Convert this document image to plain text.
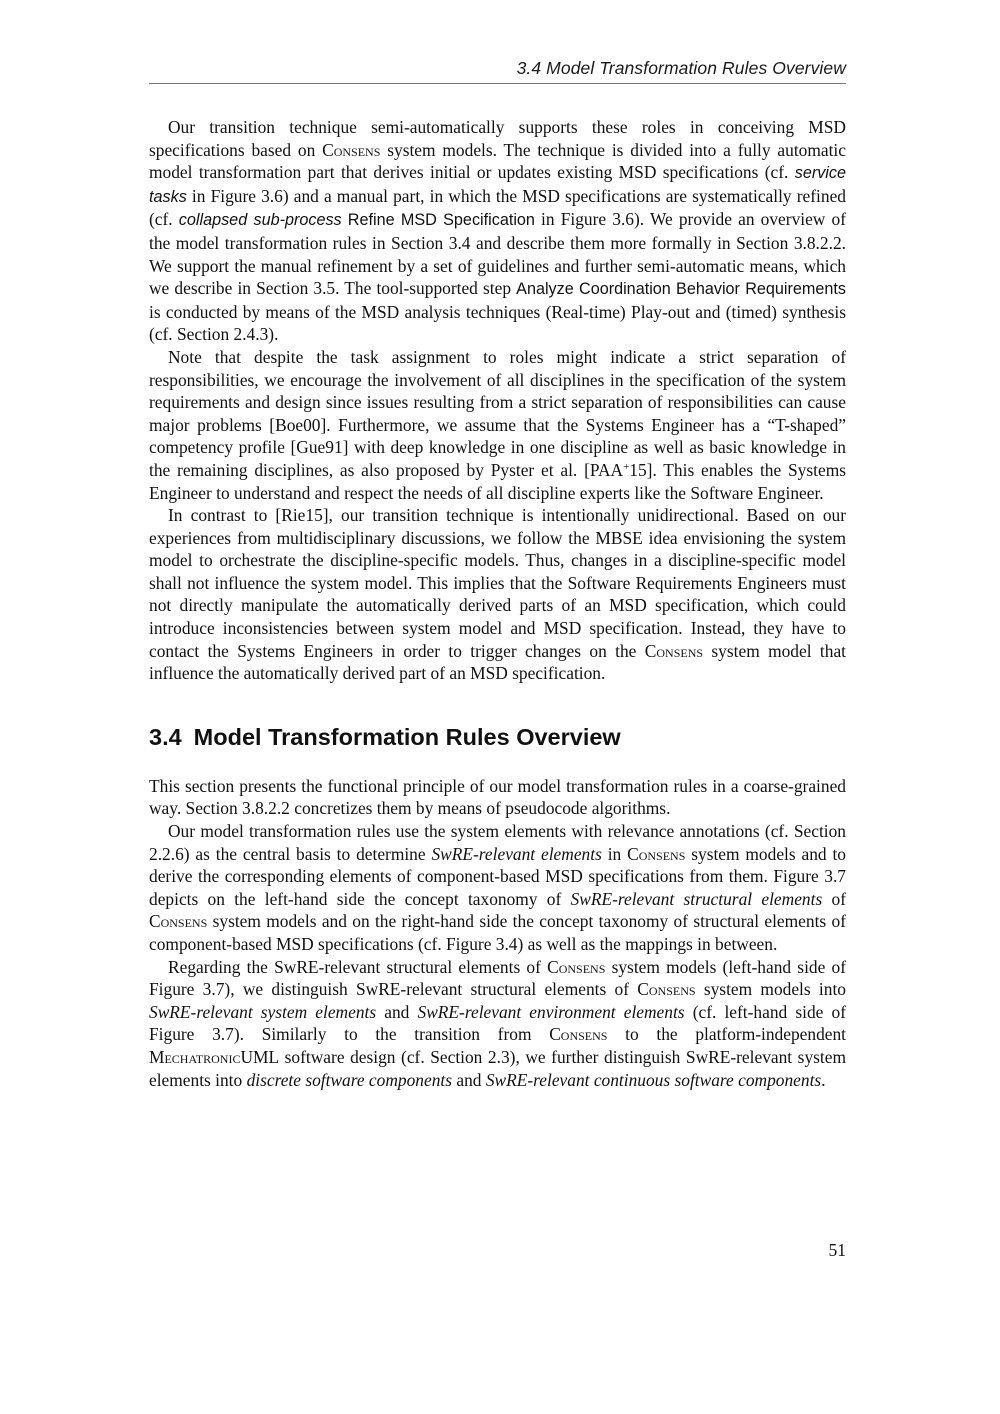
3.4 Model Transformation Rules Overview

Our transition technique semi-automatically supports these roles in conceiving MSD specifications based on Consens system models. The technique is divided into a fully automatic model transformation part that derives initial or updates existing MSD specifications (cf. service tasks in Figure 3.6) and a manual part, in which the MSD specifications are systematically refined (cf. collapsed sub-process Refine MSD Specification in Figure 3.6). We provide an overview of the model transformation rules in Section 3.4 and describe them more formally in Section 3.8.2.2. We support the manual refinement by a set of guidelines and further semi-automatic means, which we describe in Section 3.5. The tool-supported step Analyze Coordination Behavior Requirements is conducted by means of the MSD analysis techniques (Real-time) Play-out and (timed) synthesis (cf. Section 2.4.3).

Note that despite the task assignment to roles might indicate a strict separation of responsibilities, we encourage the involvement of all disciplines in the specification of the system requirements and design since issues resulting from a strict separation of responsibilities can cause major problems [Boe00]. Furthermore, we assume that the Systems Engineer has a “T-shaped” competency profile [Gue91] with deep knowledge in one discipline as well as basic knowledge in the remaining disciplines, as also proposed by Pyster et al. [PAA+15]. This enables the Systems Engineer to understand and respect the needs of all discipline experts like the Software Engineer.

In contrast to [Rie15], our transition technique is intentionally unidirectional. Based on our experiences from multidisciplinary discussions, we follow the MBSE idea envisioning the system model to orchestrate the discipline-specific models. Thus, changes in a discipline-specific model shall not influence the system model. This implies that the Software Requirements Engineers must not directly manipulate the automatically derived parts of an MSD specification, which could introduce inconsistencies between system model and MSD specification. Instead, they have to contact the Systems Engineers in order to trigger changes on the Consens system model that influence the automatically derived part of an MSD specification.

3.4 Model Transformation Rules Overview

This section presents the functional principle of our model transformation rules in a coarse-grained way. Section 3.8.2.2 concretizes them by means of pseudocode algorithms.

Our model transformation rules use the system elements with relevance annotations (cf. Section 2.2.6) as the central basis to determine SwRE-relevant elements in Consens system models and to derive the corresponding elements of component-based MSD specifications from them. Figure 3.7 depicts on the left-hand side the concept taxonomy of SwRE-relevant structural elements of Consens system models and on the right-hand side the concept taxonomy of structural elements of component-based MSD specifications (cf. Figure 3.4) as well as the mappings in between.

Regarding the SwRE-relevant structural elements of Consens system models (left-hand side of Figure 3.7), we distinguish SwRE-relevant structural elements of Consens system models into SwRE-relevant system elements and SwRE-relevant environment elements (cf. left-hand side of Figure 3.7). Similarly to the transition from Consens to the platform-independent MechatronicUML software design (cf. Section 2.3), we further distinguish SwRE-relevant system elements into discrete software components and SwRE-relevant continuous software components.

51
